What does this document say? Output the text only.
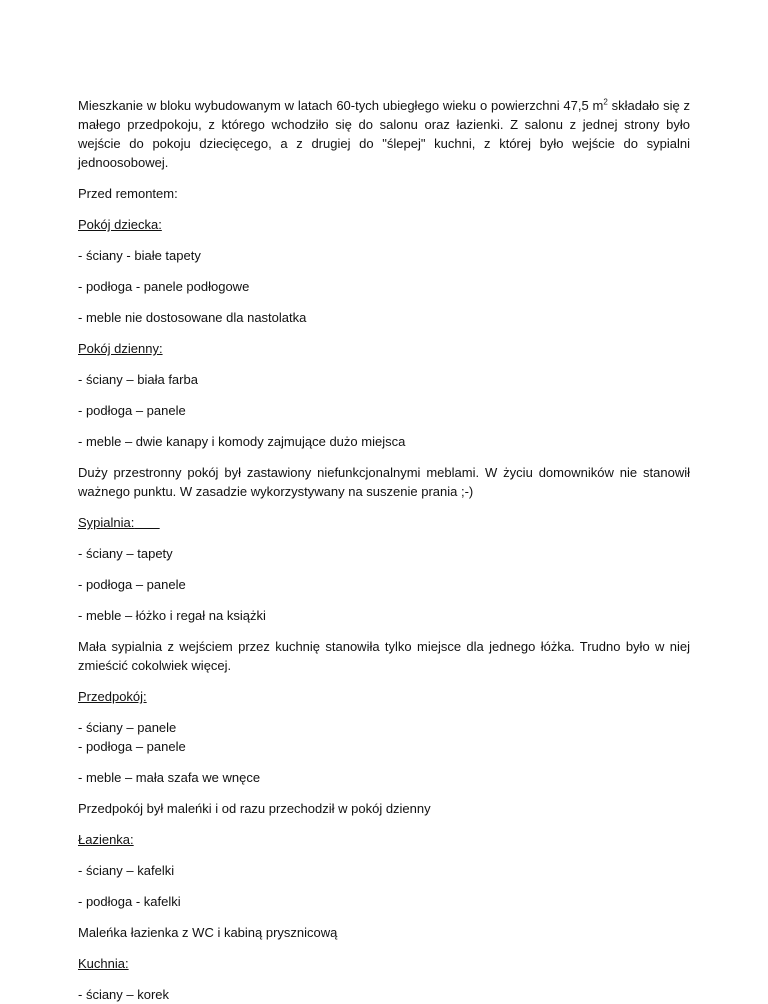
Mieszkanie w bloku wybudowanym w latach 60-tych ubiegłego wieku o powierzchni 47,5 $m^2$ składało się z małego przedpokoju, z którego wchodziło się do salonu oraz łazienki. Z salonu z jednej strony było wejście do pokoju dziecięcego, a z drugiej do "ślepej" kuchni, z której było wejście do sypialni jednoosobowej.

Przed remontem:

Pokój dziecka:

- ściany - białe tapety

- podłoga - panele podłogowe

- meble nie dostosowane dla nastolatka

Pokój dzienny:

- ściany – biała farba

- podłoga – panele

- meble – dwie kanapy i komody zajmujące dużo miejsca

Duży przestronny pokój był zastawiony niefunkcjonalnymi meblami. W życiu domowników nie stanowił ważnego punktu. W zasadzie wykorzystywany na suszenie prania ;-)

Sypialnia:

- ściany – tapety

- podłoga – panele

- meble – łóżko i regał na książki

Mała sypialnia z wejściem przez kuchnię stanowiła tylko miejsce dla jednego łóżka. Trudno było w niej zmieścić cokolwiek więcej.

Przedpokój:

- ściany – panele

- podłoga – panele

- meble – mała szafa we wnęce

Przedpokój był maleńki i od razu przechodził w pokój dzienny

Łazienka:

- ściany – kafelki

- podłoga - kafelki

Maleńka łazienka z WC i kabiną prysznicową

Kuchnia:

- ściany – korek
